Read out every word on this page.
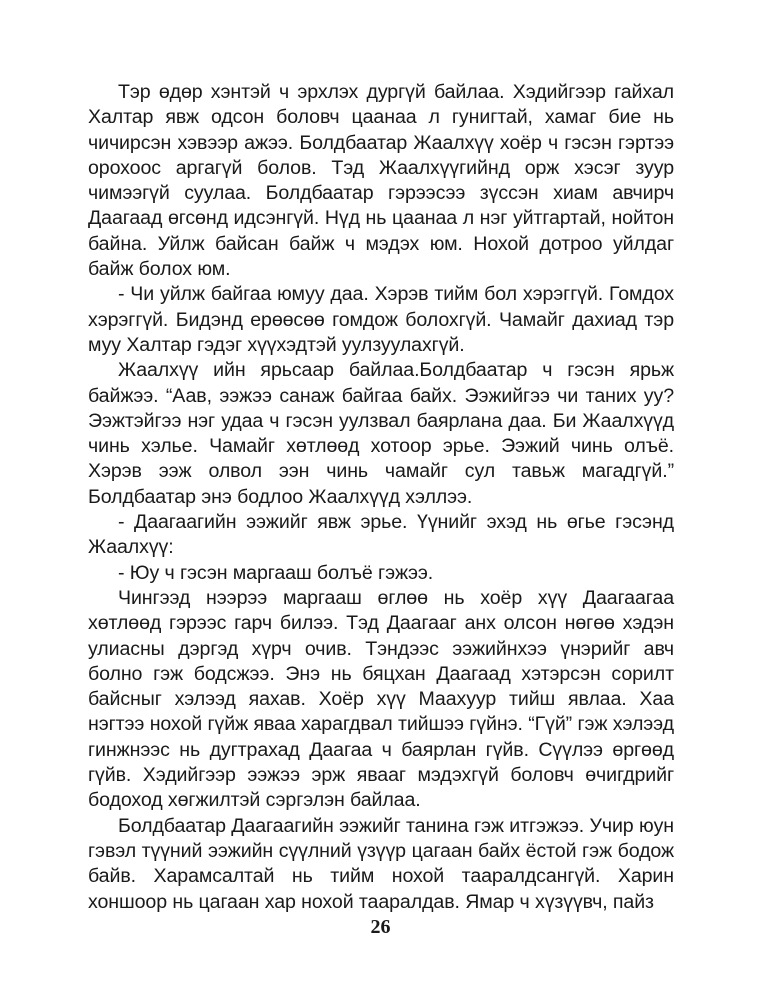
Тэр өдөр хэнтэй ч эрхлэх дургүй байлаа. Хэдийгээр гайхал Халтар явж одсон боловч цаанаа л гунигтай, хамаг бие нь чичирсэн хэвээр ажээ. Болдбаатар Жаалхүү хоёр ч гэсэн гэртээ орохоос аргагүй болов. Тэд Жаалхүүгийнд орж хэсэг зуур чимээгүй суулаа. Болдбаатар гэрээсээ зүссэн хиам авчирч Даагаад өгсөнд идсэнгүй. Нүд нь цаанаа л нэг уйтгартай, нойтон байна. Уйлж байсан байж ч мэдэх юм. Нохой дотроо уйлдаг байж болох юм.

- Чи уйлж байгаа юмуу даа. Хэрэв тийм бол хэрэггүй. Гомдох хэрэггүй. Бидэнд ерөөсөө гомдож болохгүй. Чамайг дахиад тэр муу Халтар гэдэг хүүхэдтэй уулзуулахгүй.

Жаалхүү ийн ярьсаар байлаа.Болдбаатар ч гэсэн ярьж байжээ. “Аав, ээжээ санаж байгаа байх. Ээжийгээ чи таних уу? Ээжтэйгээ нэг удаа ч гэсэн уулзвал баярлана даа. Би Жаалхүүд чинь хэлье. Чамайг хөтлөөд хотоор эрье. Ээжий чинь олъё. Хэрэв ээж олвол ээн чинь чамайг сул тавьж магадгүй.” Болдбаатар энэ бодлоо Жаалхүүд хэллээ.

- Даагаагийн ээжийг явж эрье. Үүнийг эхэд нь өгье гэсэнд Жаалхүү:

- Юу ч гэсэн маргааш болъё гэжээ.

Чингээд нээрээ маргааш өглөө нь хоёр хүү Даагаагаа хөтлөөд гэрээс гарч билээ. Тэд Даагааг анх олсон нөгөө хэдэн улиасны дэргэд хүрч очив. Тэндээс ээжийнхээ үнэрийг авч болно гэж бодсжээ. Энэ нь бяцхан Даагаад хэтэрсэн сорилт байсныг хэлээд яахав. Хоёр хүү Маахуур тийш явлаа. Хаа нэгтээ нохой гүйж яваа харагдвал тийшээ гүйнэ. “Гүй” гэж хэлээд гинжнээс нь дугтрахад Даагаа ч баярлан гүйв. Сүүлээ өргөөд гүйв. Хэдийгээр ээжээ эрж явааг мэдэхгүй боловч өчигдрийг бодоход хөгжилтэй сэргэлэн байлаа.

Болдбаатар Даагаагийн ээжийг танина гэж итгэжээ. Учир юун гэвэл түүний ээжийн сүүлний үзүүр цагаан байх ёстой гэж бодож байв. Харамсалтай нь тийм нохой таарaлдсангүй. Харин хоншоор нь цагаан хар нохой таарaлдав. Ямар ч хүзүүвч, пайз

26
